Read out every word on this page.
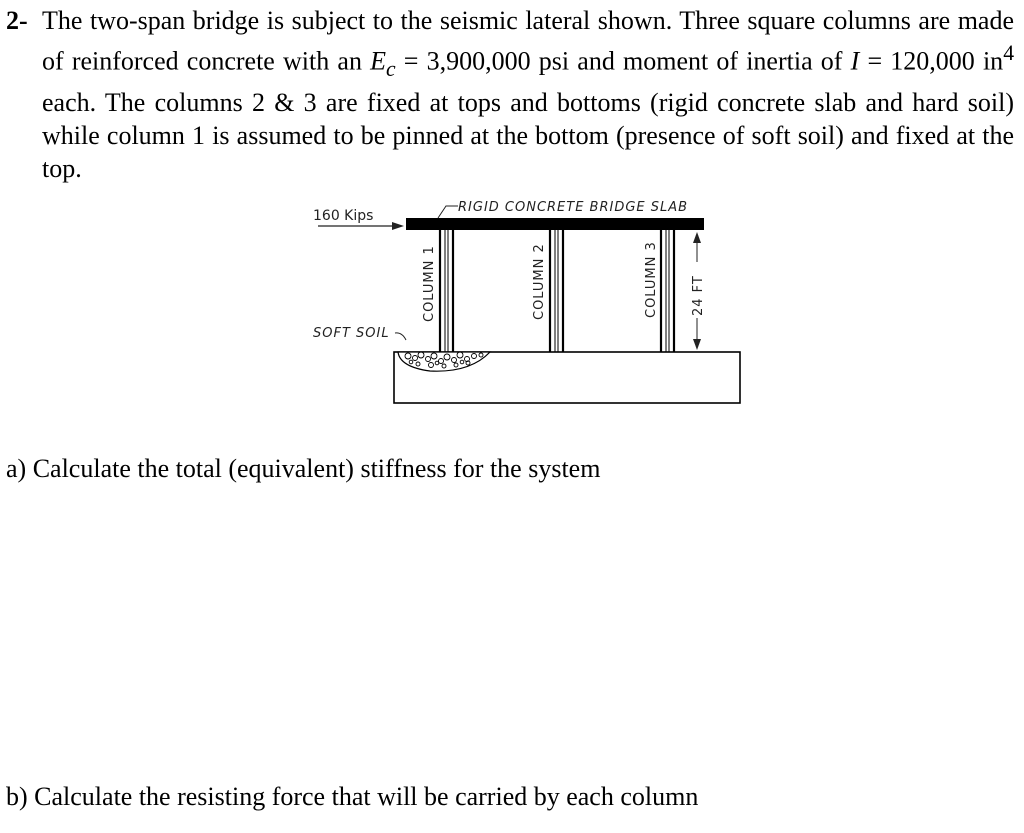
2- The two-span bridge is subject to the seismic lateral shown. Three square columns are made of reinforced concrete with an $E_c = 3,900,000$ psi and moment of inertia of I = 120,000 $in^4$ each. The columns 2 & 3 are fixed at tops and bottoms (rigid concrete slab and hard soil) while column 1 is assumed to be pinned at the bottom (presence of soft soil) and fixed at the top.
160 Kips
RIGID CONCRETE BRIDGE SLAB
COLUMN 1	COLUMN 2	COLUMN 3 24 FT
SOFT SOIL
a) Calculate the total (equivalent) stiffness for the system
b) Calculate the resisting force that will be carried by each column
